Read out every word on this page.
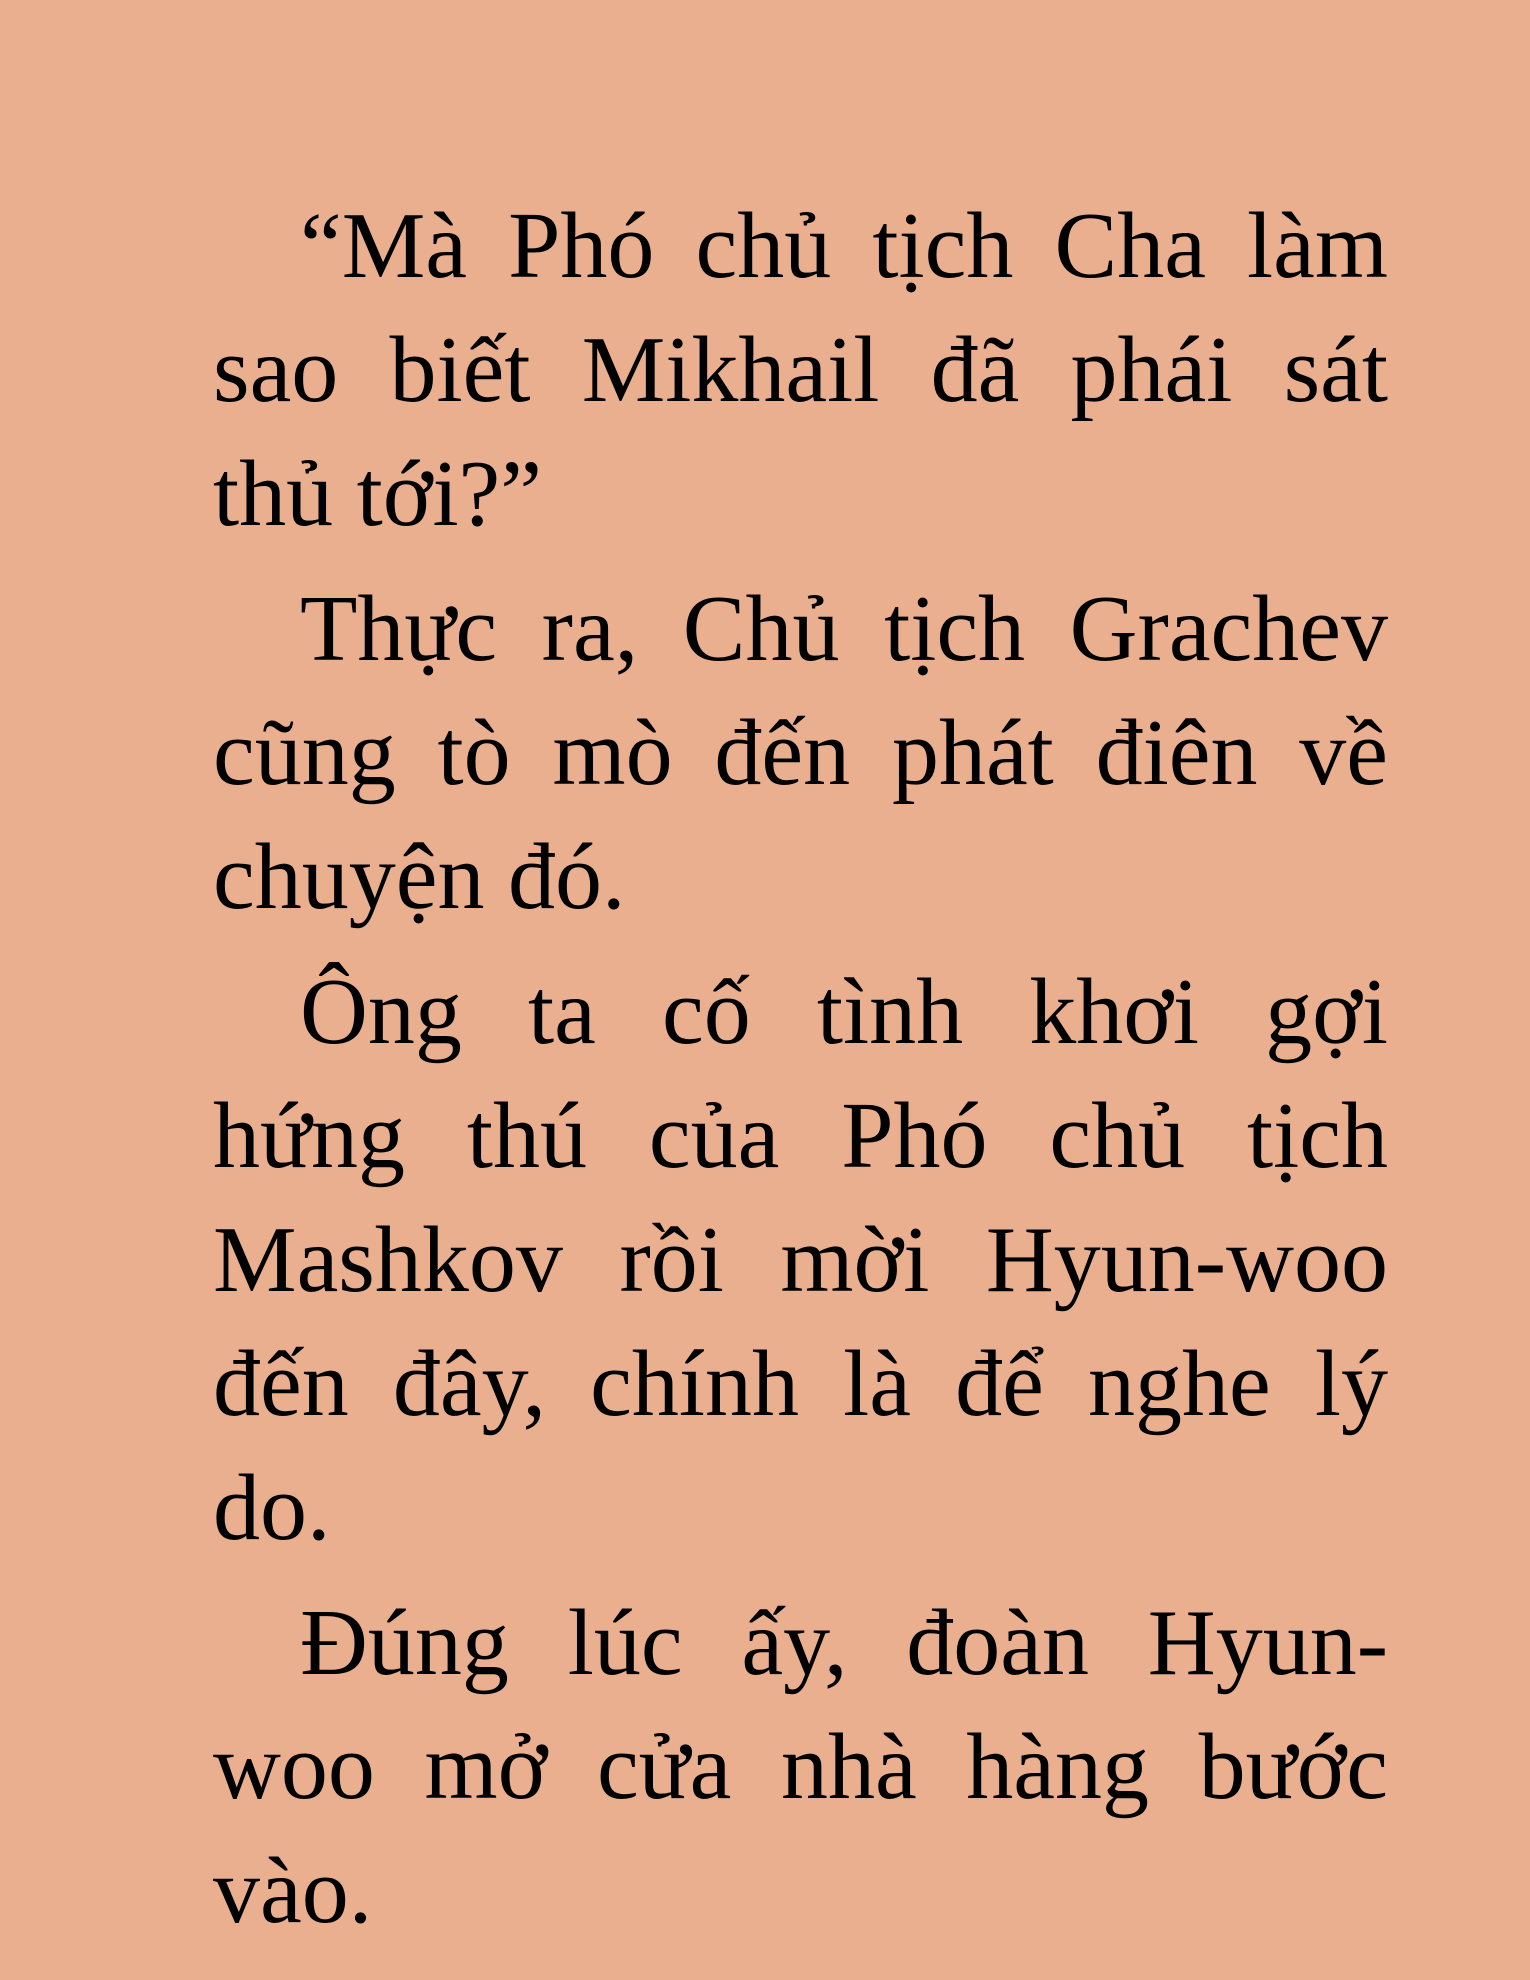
“Mà Phó chủ tịch Cha làm sao biết Mikhail đã phái sát thủ tới?”

Thực ra, Chủ tịch Grachev cũng tò mò đến phát điên về chuyện đó.

Ông ta cố tình khơi gợi hứng thú của Phó chủ tịch Mashkov rồi mời Hyun-woo đến đây, chính là để nghe lý do.

Đúng lúc ấy, đoàn Hyun-woo mở cửa nhà hàng bước vào.
